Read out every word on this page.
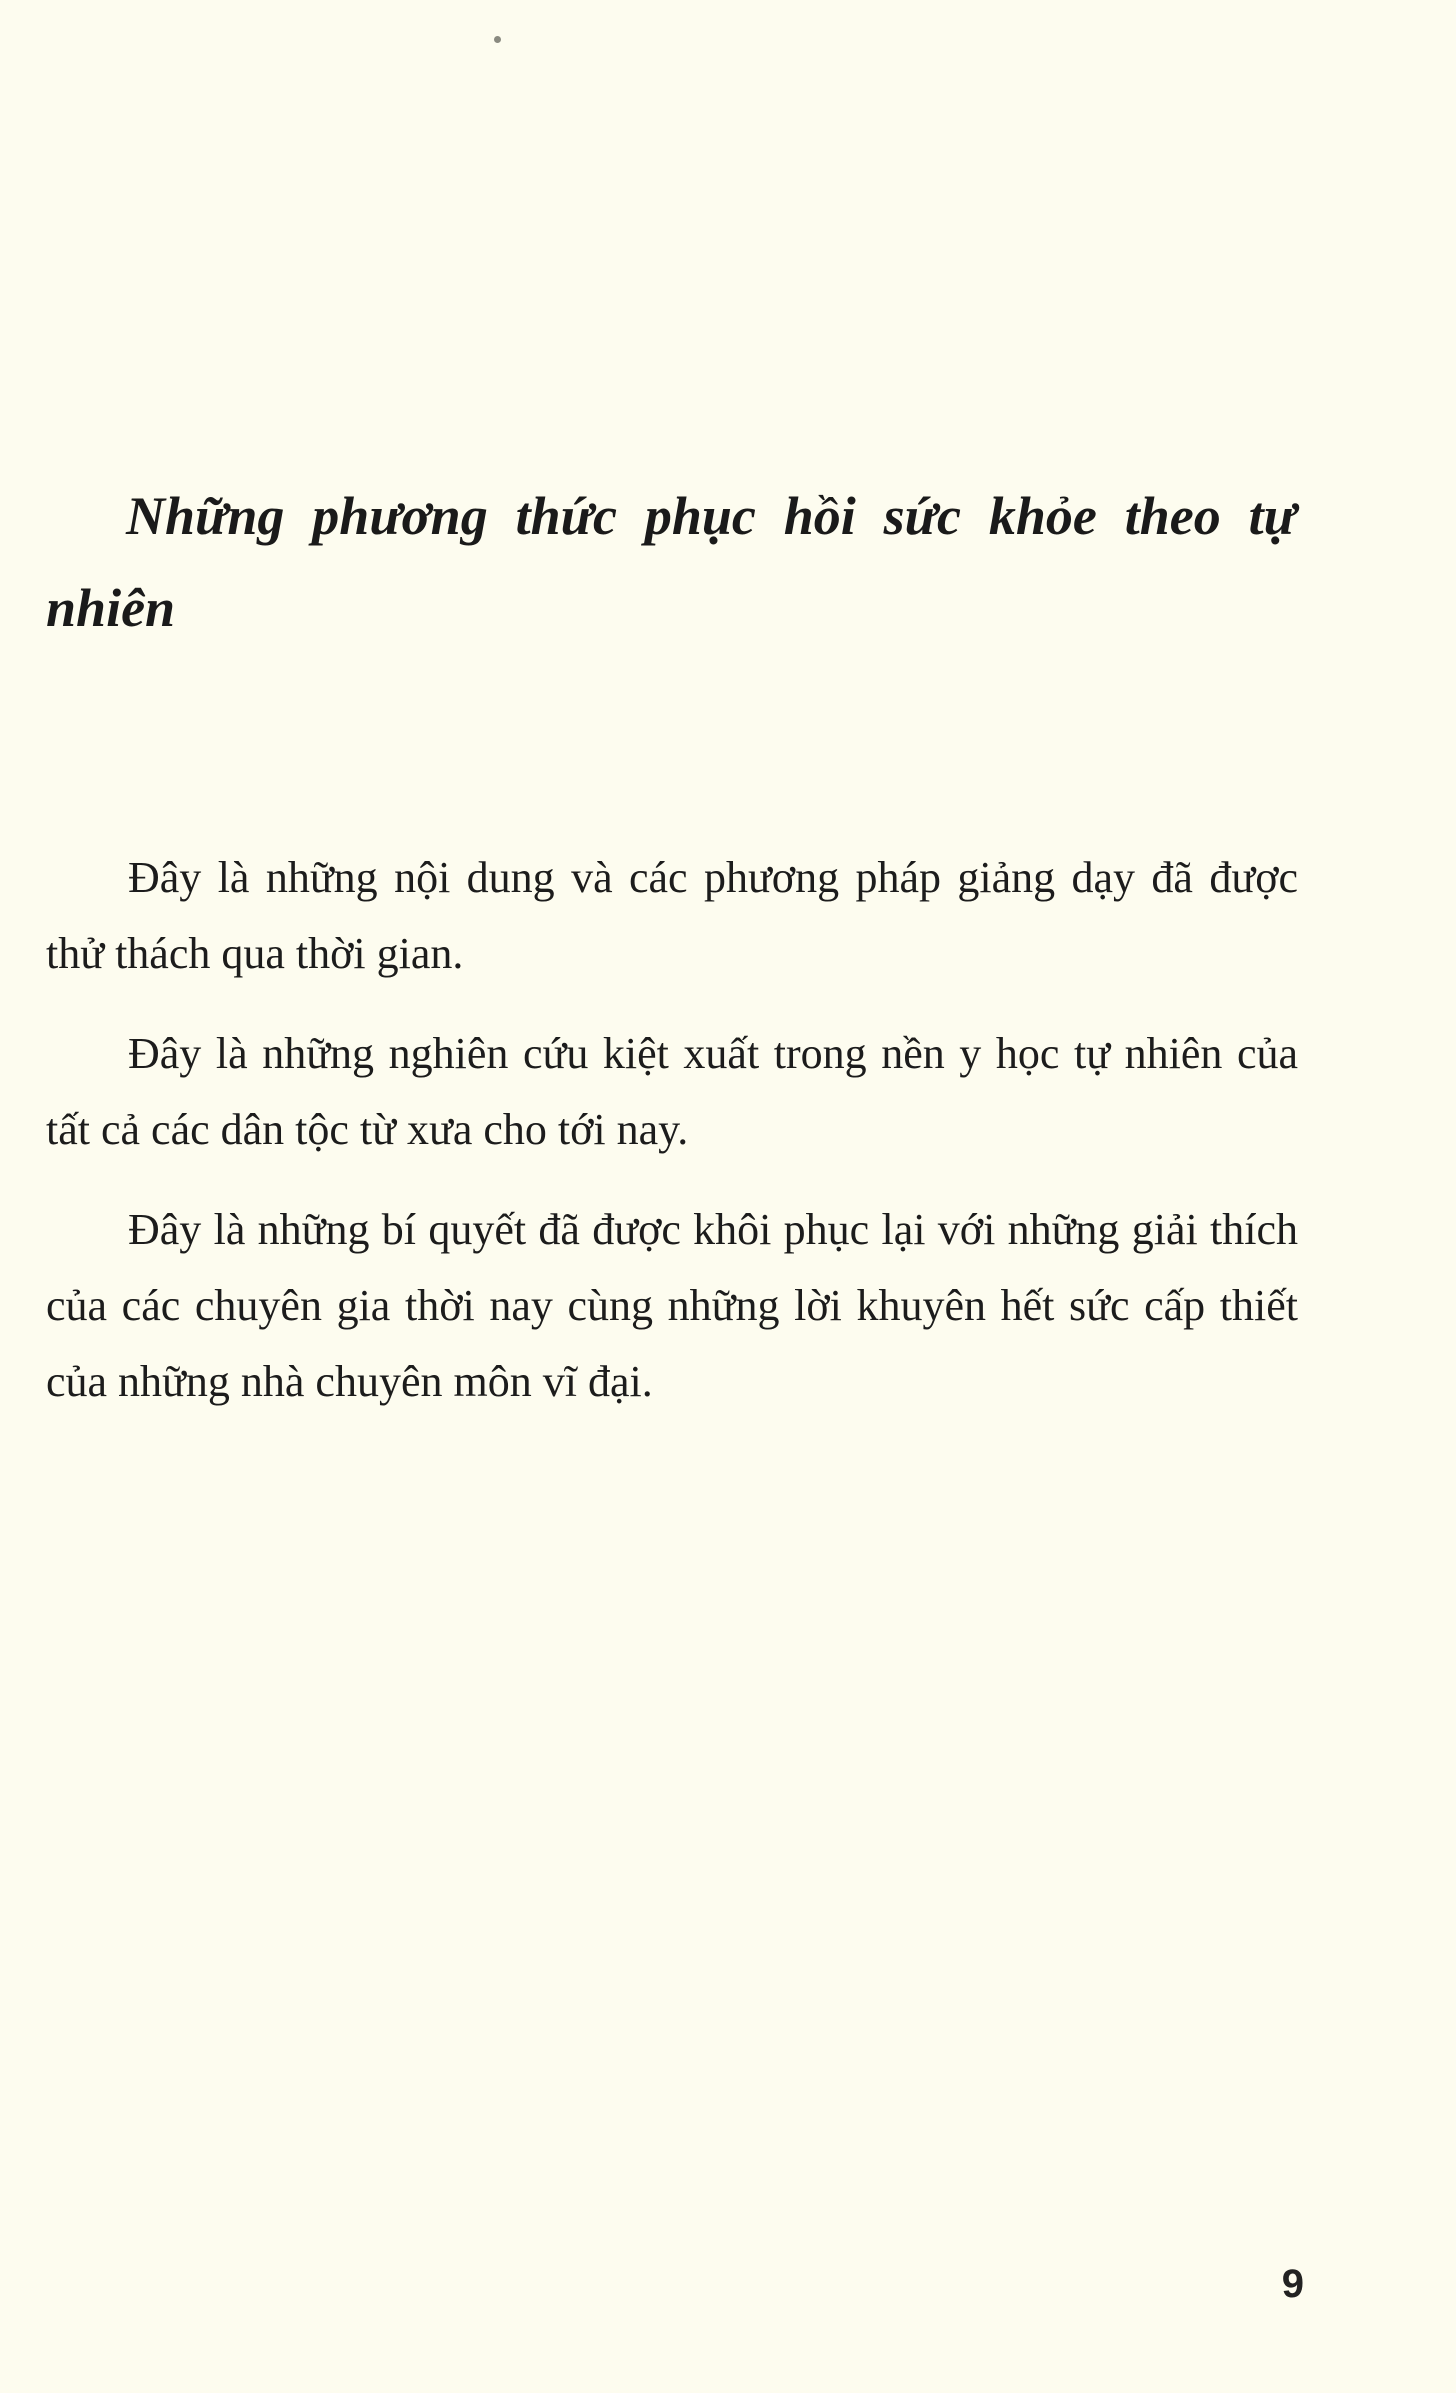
Những phương thức phục hồi sức khỏe theo tự nhiên

Đây là những nội dung và các phương pháp giảng dạy đã được thử thách qua thời gian.

Đây là những nghiên cứu kiệt xuất trong nền y học tự nhiên của tất cả các dân tộc từ xưa cho tới nay.

Đây là những bí quyết đã được khôi phục lại với những giải thích của các chuyên gia thời nay cùng những lời khuyên hết sức cấp thiết của những nhà chuyên môn vĩ đại.

9
